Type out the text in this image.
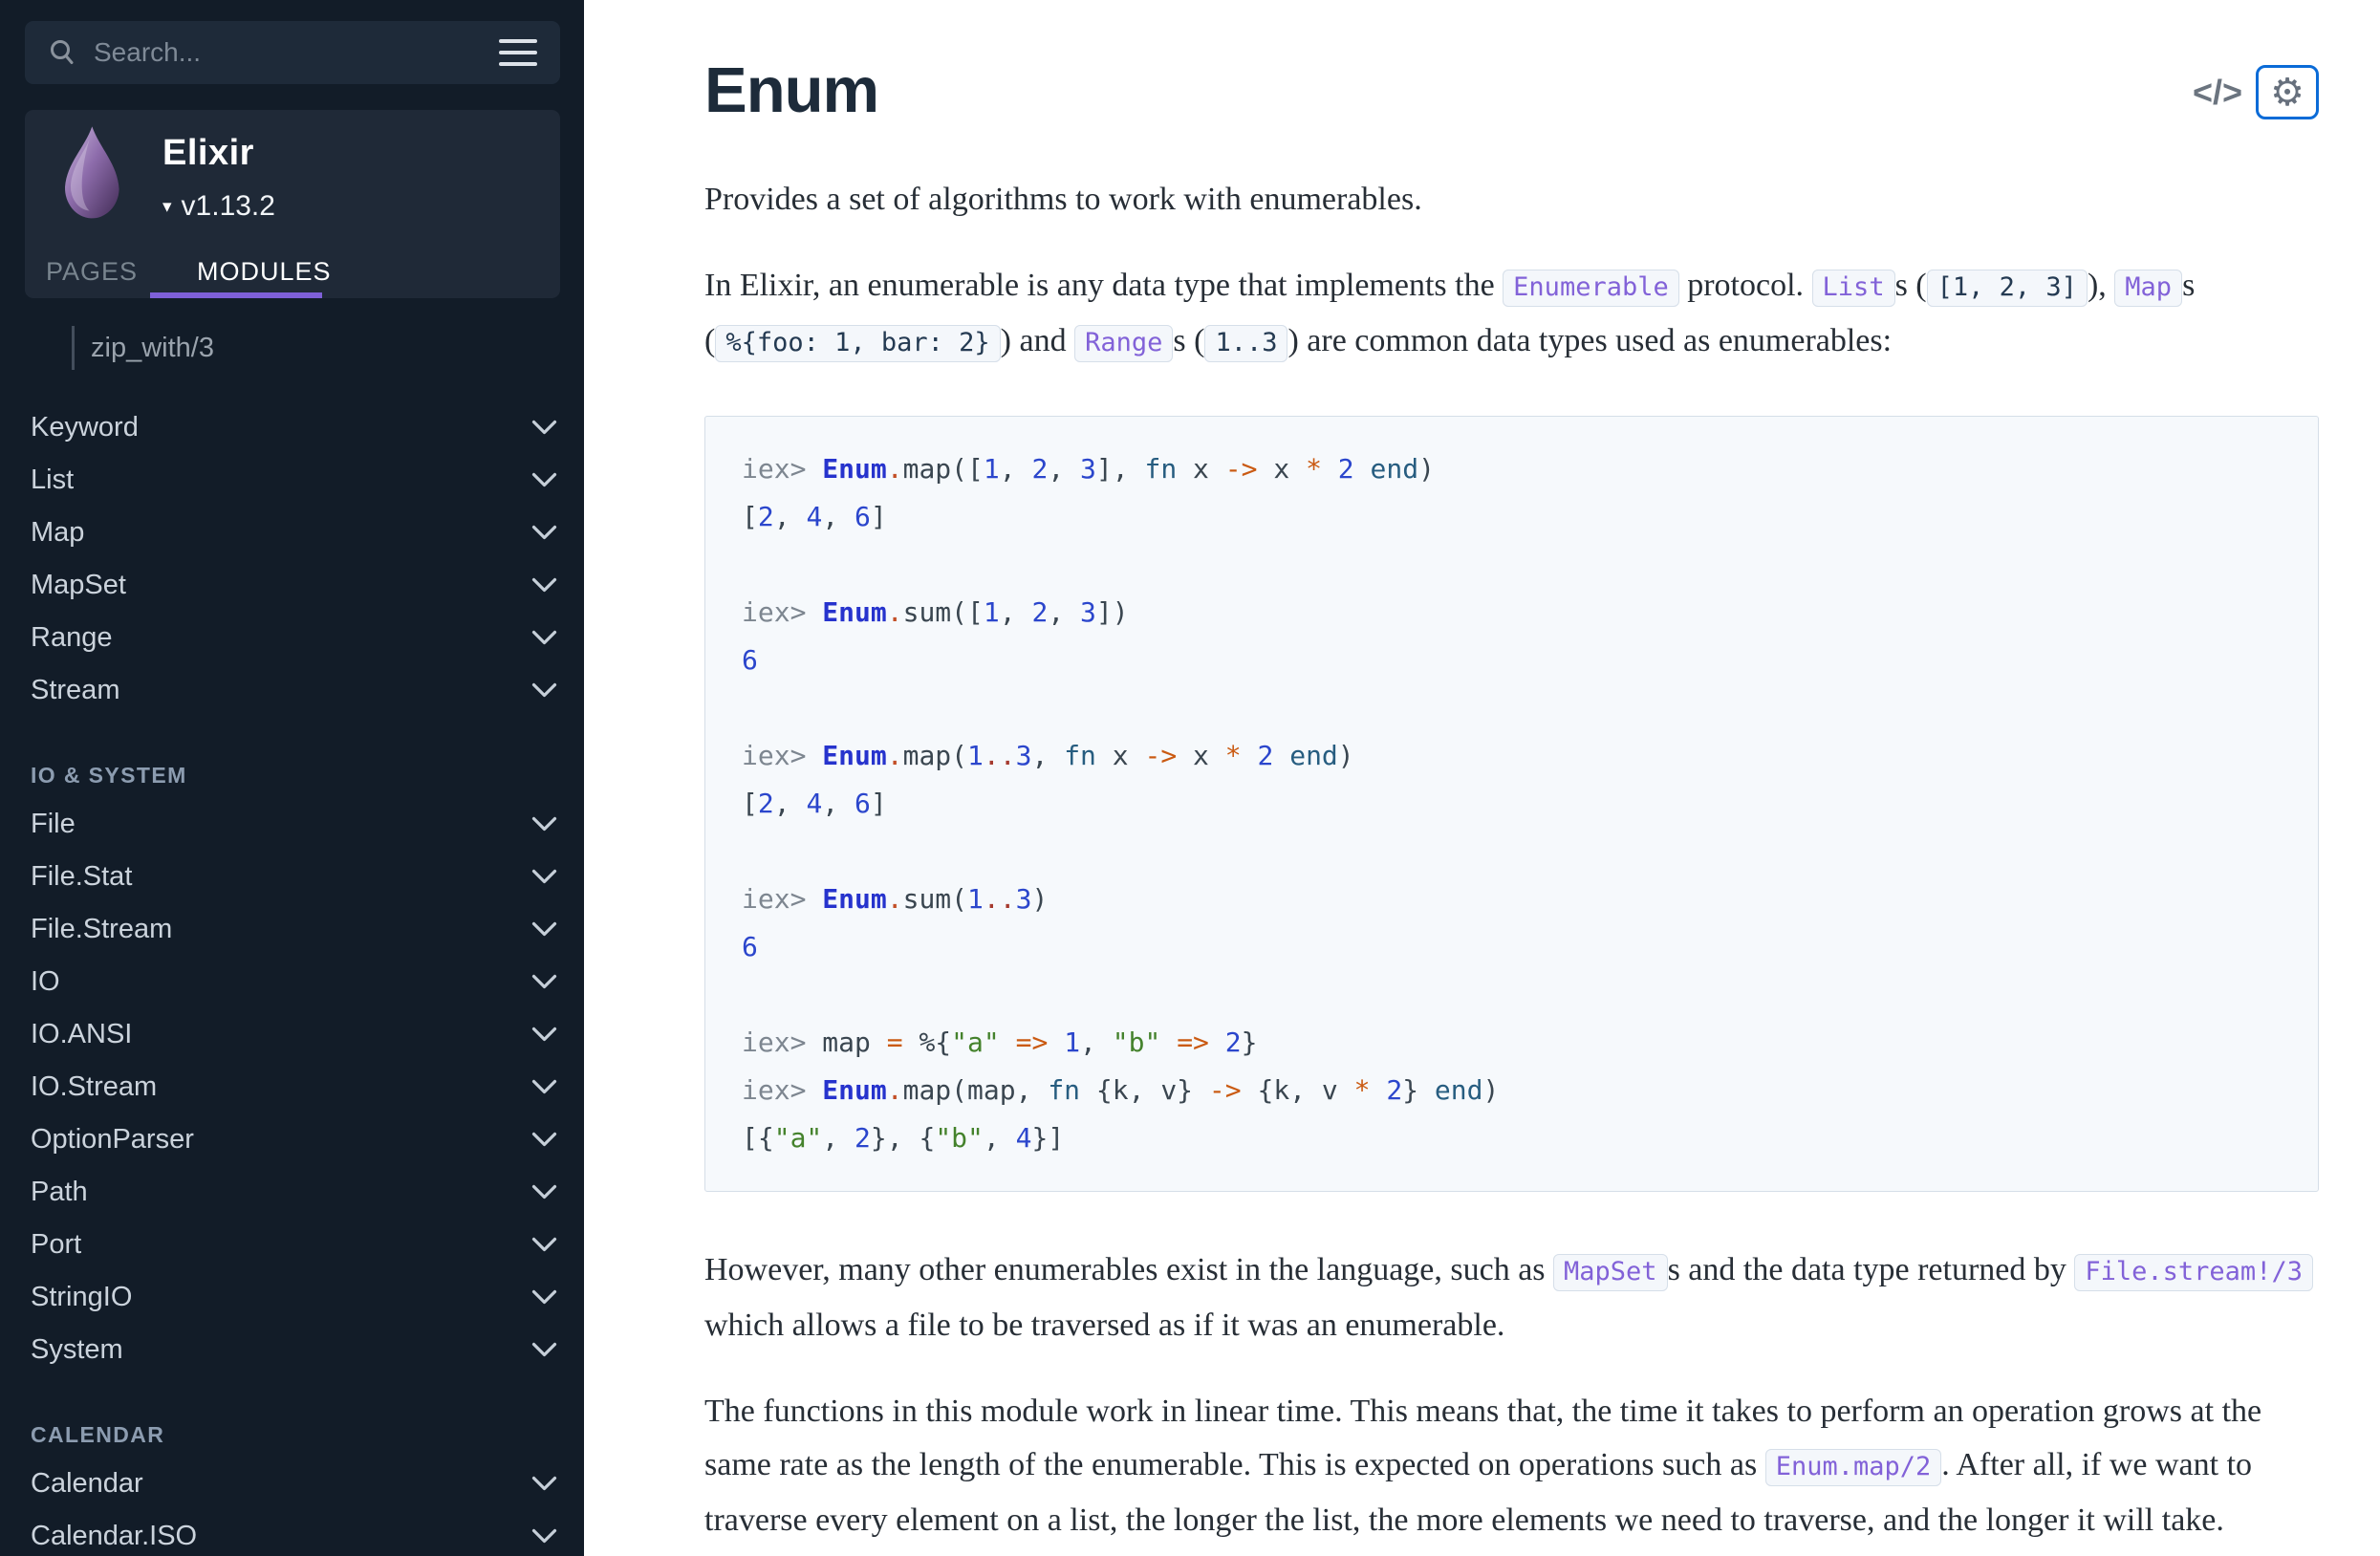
Search...
Elixir
▾ v1.13.2
PAGES MODULES
zip_with/3
Keyword
List
Map
MapSet
Range
Stream
IO & SYSTEM
File
File.Stat
File.Stream
IO
IO.ANSI
IO.Stream
OptionParser
Path
Port
StringIO
System
CALENDAR
Calendar
Calendar.ISO
Enum	</> ⚙

Provides a set of algorithms to work with enumerables.

In Elixir, an enumerable is any data type that implements the Enumerable protocol. List s ( [1, 2, 3] ), Map s ( %{foo: 1, bar: 2} ) and Range s ( 1..3 ) are common data types used as enumerables:

iex> Enum.map([1, 2, 3], fn x -> x * 2 end)
[2, 4, 6]

iex> Enum.sum([1, 2, 3])
6

iex> Enum.map(1..3, fn x -> x * 2 end)
[2, 4, 6]

iex> Enum.sum(1..3)
6

iex> map = %{"a" => 1, "b" => 2}
iex> Enum.map(map, fn {k, v} -> {k, v * 2} end)
[{"a", 2}, {"b", 4}]

However, many other enumerables exist in the language, such as MapSet s and the data type returned by File.stream!/3 which allows a file to be traversed as if it was an enumerable.

The functions in this module work in linear time. This means that, the time it takes to perform an operation grows at the same rate as the length of the enumerable. This is expected on operations such as Enum.map/2 . After all, if we want to traverse every element on a list, the longer the list, the more elements we need to traverse, and the longer it will take.
